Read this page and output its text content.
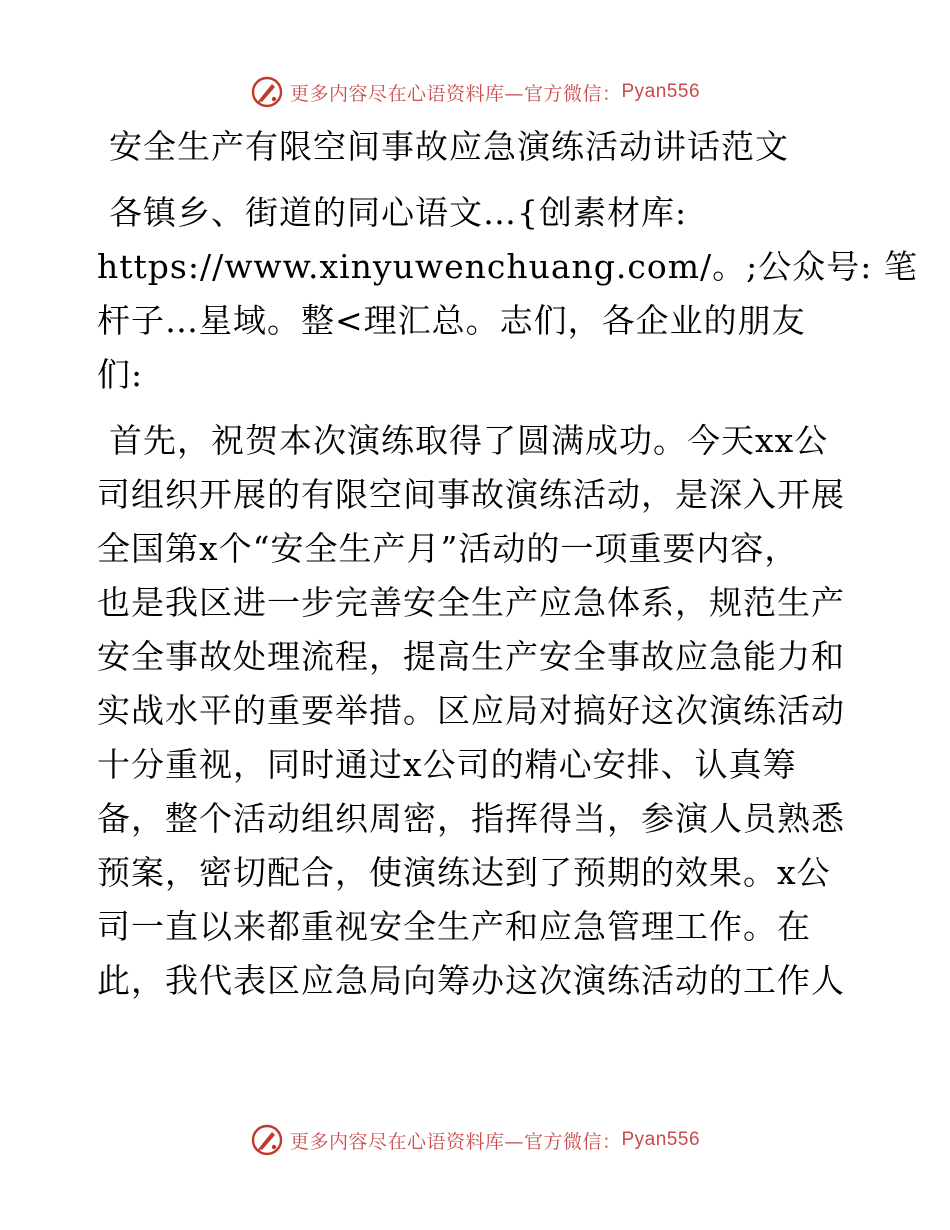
更多内容尽在心语资料库—官方微信： Pyan556
安全生产有限空间事故应急演练活动讲话范文
各镇乡、街道的同心语文…{创素材库:
https://www.xinyuwenchuang.com/。;公众号: 笔
杆子…星域。整<理汇总。志们，各企业的朋友
们:
首先，祝贺本次演练取得了圆满成功。今天xx公
司组织开展的有限空间事故演练活动，是深入开展
全国第x个“安全生产月”活动的一项重要内容，
也是我区进一步完善安全生产应急体系，规范生产
安全事故处理流程，提高生产安全事故应急能力和
实战水平的重要举措。区应局对搞好这次演练活动
十分重视，同时通过x公司的精心安排、认真筹
备，整个活动组织周密，指挥得当，参演人员熟悉
预案，密切配合，使演练达到了预期的效果。x公
司一直以来都重视安全生产和应急管理工作。在
此，我代表区应急局向筹办这次演练活动的工作人
更多内容尽在心语资料库—官方微信： Pyan556
